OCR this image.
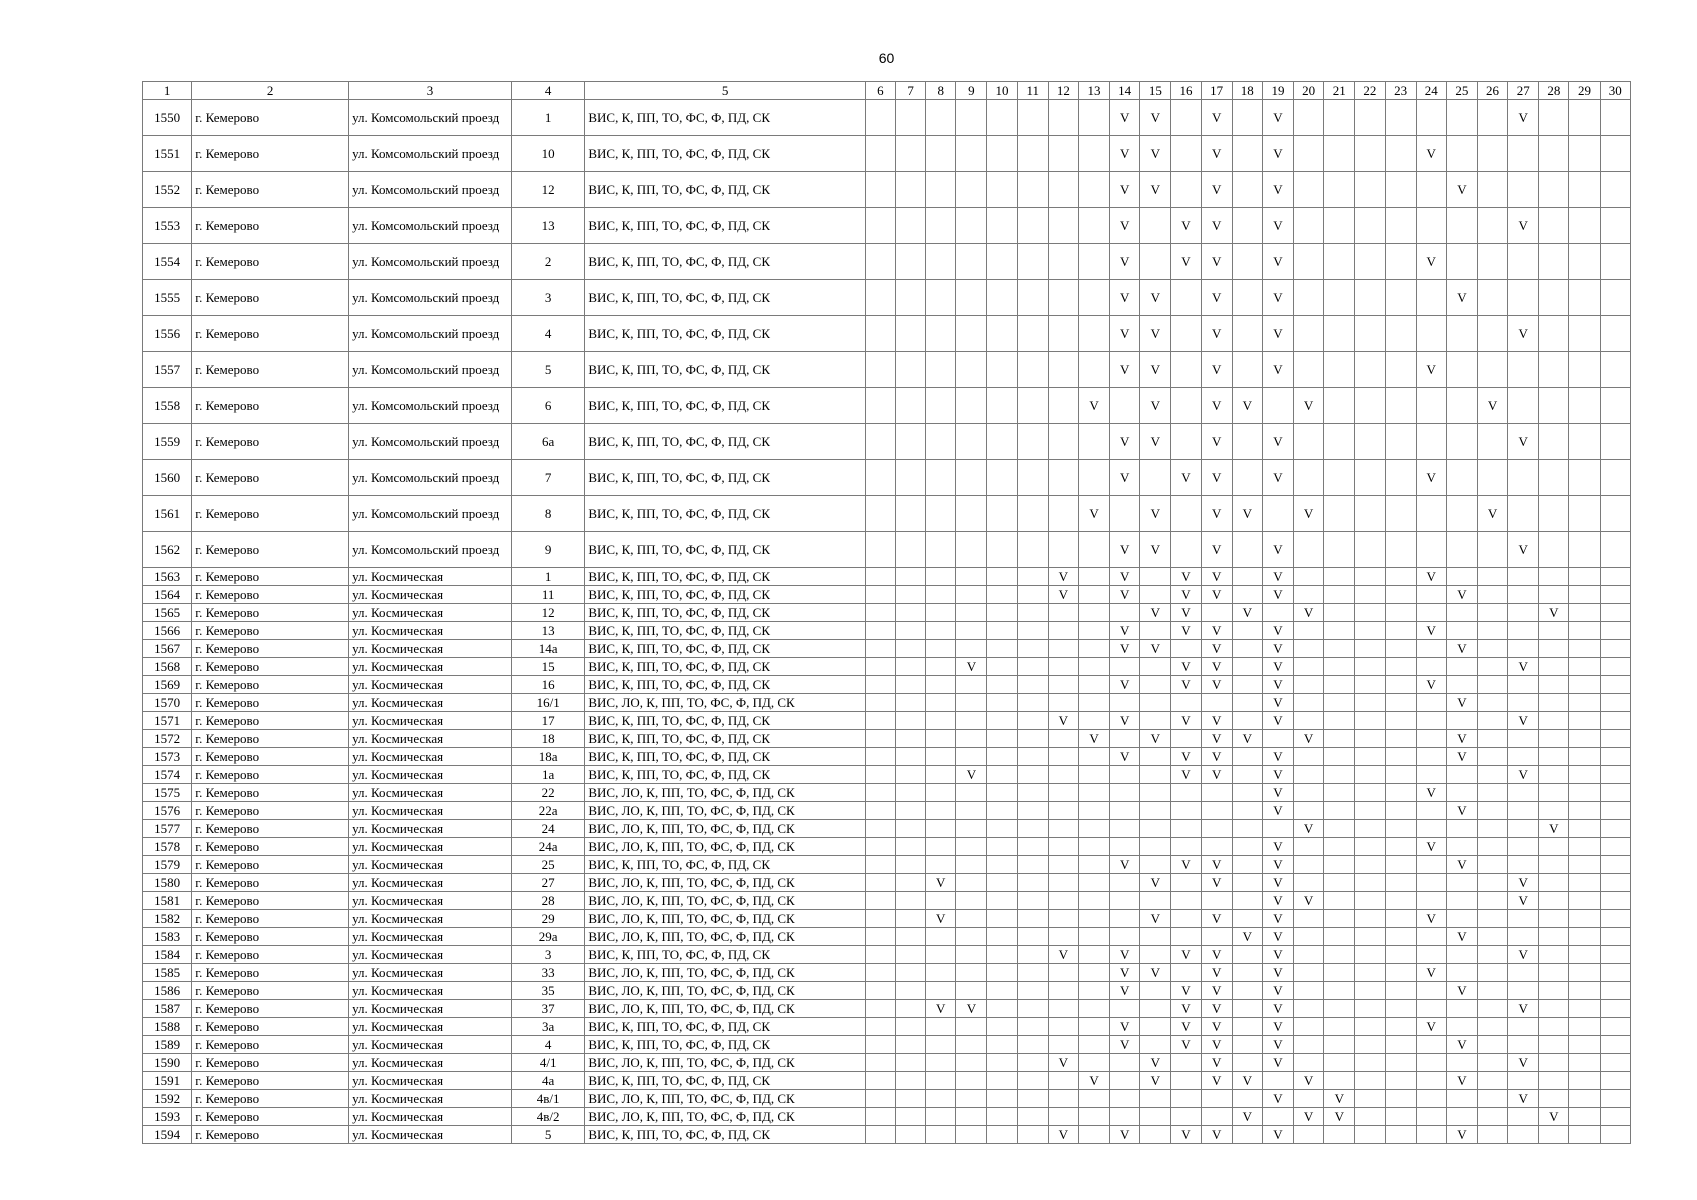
60
1	2	3	4	5	6	7	8	9	10	11	12	13	14	15	16	17	18	19	20	21	22	23	24	25	26	27	28	29	30
1550	г. Кемерово	ул. Комсомольский проезд	1	ВИС, К, ПП, ТО, ФС, Ф, ПД, СК									V	V		V		V								V			
1551	г. Кемерово	ул. Комсомольский проезд	10	ВИС, К, ПП, ТО, ФС, Ф, ПД, СК									V	V		V		V					V						
1552	г. Кемерово	ул. Комсомольский проезд	12	ВИС, К, ПП, ТО, ФС, Ф, ПД, СК									V	V		V		V						V					
1553	г. Кемерово	ул. Комсомольский проезд	13	ВИС, К, ПП, ТО, ФС, Ф, ПД, СК									V		V	V		V								V			
1554	г. Кемерово	ул. Комсомольский проезд	2	ВИС, К, ПП, ТО, ФС, Ф, ПД, СК									V		V	V		V					V						
1555	г. Кемерово	ул. Комсомольский проезд	3	ВИС, К, ПП, ТО, ФС, Ф, ПД, СК									V	V		V		V						V					
1556	г. Кемерово	ул. Комсомольский проезд	4	ВИС, К, ПП, ТО, ФС, Ф, ПД, СК									V	V		V		V								V			
1557	г. Кемерово	ул. Комсомольский проезд	5	ВИС, К, ПП, ТО, ФС, Ф, ПД, СК									V	V		V		V					V						
1558	г. Кемерово	ул. Комсомольский проезд	6	ВИС, К, ПП, ТО, ФС, Ф, ПД, СК								V		V		V	V		V						V				
1559	г. Кемерово	ул. Комсомольский проезд	6а	ВИС, К, ПП, ТО, ФС, Ф, ПД, СК									V	V		V		V								V			
1560	г. Кемерово	ул. Комсомольский проезд	7	ВИС, К, ПП, ТО, ФС, Ф, ПД, СК									V		V	V		V					V						
1561	г. Кемерово	ул. Комсомольский проезд	8	ВИС, К, ПП, ТО, ФС, Ф, ПД, СК								V		V		V	V		V						V				
1562	г. Кемерово	ул. Комсомольский проезд	9	ВИС, К, ПП, ТО, ФС, Ф, ПД, СК									V	V		V		V								V			
1563	г. Кемерово	ул. Космическая	1	ВИС, К, ПП, ТО, ФС, Ф, ПД, СК							V		V		V	V		V					V						
1564	г. Кемерово	ул. Космическая	11	ВИС, К, ПП, ТО, ФС, Ф, ПД, СК							V		V		V	V		V						V					
1565	г. Кемерово	ул. Космическая	12	ВИС, К, ПП, ТО, ФС, Ф, ПД, СК										V	V		V		V								V		
1566	г. Кемерово	ул. Космическая	13	ВИС, К, ПП, ТО, ФС, Ф, ПД, СК									V		V	V		V					V						
1567	г. Кемерово	ул. Космическая	14а	ВИС, К, ПП, ТО, ФС, Ф, ПД, СК									V	V		V		V						V					
1568	г. Кемерово	ул. Космическая	15	ВИС, К, ПП, ТО, ФС, Ф, ПД, СК				V							V	V		V								V			
1569	г. Кемерово	ул. Космическая	16	ВИС, К, ПП, ТО, ФС, Ф, ПД, СК									V		V	V		V					V						
1570	г. Кемерово	ул. Космическая	16/1	ВИС, ЛО, К, ПП, ТО, ФС, Ф, ПД, СК														V						V					
1571	г. Кемерово	ул. Космическая	17	ВИС, К, ПП, ТО, ФС, Ф, ПД, СК							V		V		V	V		V								V			
1572	г. Кемерово	ул. Космическая	18	ВИС, К, ПП, ТО, ФС, Ф, ПД, СК								V		V		V	V		V					V					
1573	г. Кемерово	ул. Космическая	18а	ВИС, К, ПП, ТО, ФС, Ф, ПД, СК									V		V	V		V						V					
1574	г. Кемерово	ул. Космическая	1а	ВИС, К, ПП, ТО, ФС, Ф, ПД, СК				V							V	V		V								V			
1575	г. Кемерово	ул. Космическая	22	ВИС, ЛО, К, ПП, ТО, ФС, Ф, ПД, СК														V					V						
1576	г. Кемерово	ул. Космическая	22а	ВИС, ЛО, К, ПП, ТО, ФС, Ф, ПД, СК														V						V					
1577	г. Кемерово	ул. Космическая	24	ВИС, ЛО, К, ПП, ТО, ФС, Ф, ПД, СК															V								V		
1578	г. Кемерово	ул. Космическая	24а	ВИС, ЛО, К, ПП, ТО, ФС, Ф, ПД, СК														V					V						
1579	г. Кемерово	ул. Космическая	25	ВИС, К, ПП, ТО, ФС, Ф, ПД, СК									V		V	V		V						V					
1580	г. Кемерово	ул. Космическая	27	ВИС, ЛО, К, ПП, ТО, ФС, Ф, ПД, СК			V							V		V		V								V			
1581	г. Кемерово	ул. Космическая	28	ВИС, ЛО, К, ПП, ТО, ФС, Ф, ПД, СК														V	V							V			
1582	г. Кемерово	ул. Космическая	29	ВИС, ЛО, К, ПП, ТО, ФС, Ф, ПД, СК			V							V		V		V					V						
1583	г. Кемерово	ул. Космическая	29а	ВИС, ЛО, К, ПП, ТО, ФС, Ф, ПД, СК													V	V						V					
1584	г. Кемерово	ул. Космическая	3	ВИС, К, ПП, ТО, ФС, Ф, ПД, СК							V		V		V	V		V								V			
1585	г. Кемерово	ул. Космическая	33	ВИС, ЛО, К, ПП, ТО, ФС, Ф, ПД, СК									V	V		V		V					V						
1586	г. Кемерово	ул. Космическая	35	ВИС, ЛО, К, ПП, ТО, ФС, Ф, ПД, СК									V		V	V		V						V					
1587	г. Кемерово	ул. Космическая	37	ВИС, ЛО, К, ПП, ТО, ФС, Ф, ПД, СК			V	V							V	V		V								V			
1588	г. Кемерово	ул. Космическая	3а	ВИС, К, ПП, ТО, ФС, Ф, ПД, СК									V		V	V		V					V						
1589	г. Кемерово	ул. Космическая	4	ВИС, К, ПП, ТО, ФС, Ф, ПД, СК									V		V	V		V						V					
1590	г. Кемерово	ул. Космическая	4/1	ВИС, ЛО, К, ПП, ТО, ФС, Ф, ПД, СК							V			V		V		V								V			
1591	г. Кемерово	ул. Космическая	4а	ВИС, К, ПП, ТО, ФС, Ф, ПД, СК								V		V		V	V		V					V					
1592	г. Кемерово	ул. Космическая	4в/1	ВИС, ЛО, К, ПП, ТО, ФС, Ф, ПД, СК														V		V						V			
1593	г. Кемерово	ул. Космическая	4в/2	ВИС, ЛО, К, ПП, ТО, ФС, Ф, ПД, СК													V		V	V							V		
1594	г. Кемерово	ул. Космическая	5	ВИС, К, ПП, ТО, ФС, Ф, ПД, СК							V		V		V	V		V						V					
